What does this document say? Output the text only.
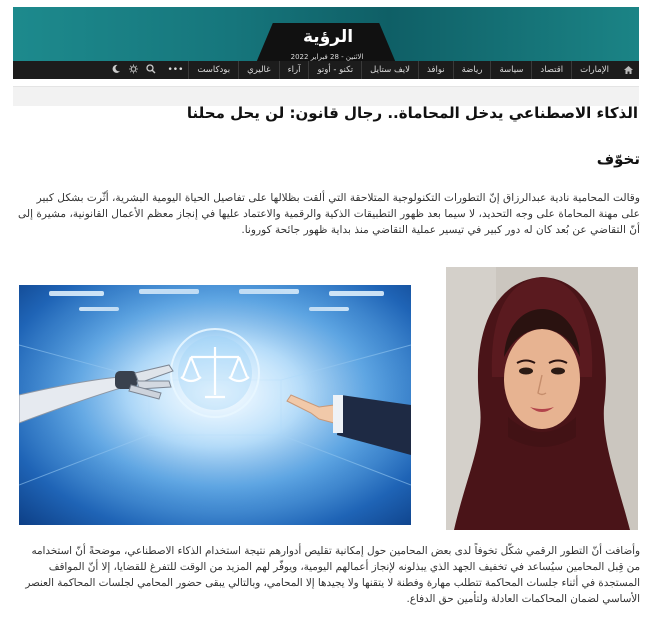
الرؤية
الاثنين - 28 فبراير 2022
الإمارات
اقتصاد
سياسة
رياضة
نوافذ
لايف ستايل
تكنو - أوتو
آراء
غاليري
بودكاست
•••
الذكاء الاصطناعي يدخل المحاماة.. رجال قانون: لن يحل محلنا
تخوّف

وقالت المحامية نادية عبدالرزاق إنّ التطورات التكنولوجية المتلاحقة التي ألقت بظلالها على تفاصيل الحياة اليومية البشرية، أثّرت بشكل كبير على مهنة المحاماة على وجه التحديد، لا سيما بعد ظهور التطبيقات الذكية والرقمية والاعتماد عليها في إنجاز معظم الأعمال القانونية، مشيرة إلى أنّ التقاضي عن بُعد كان له دور كبير في تيسير عملية التقاضي منذ بداية ظهور جائحة كورونا.

وأضافت أنّ التطور الرقمي شكّل تخوفاً لدى بعض المحامين حول إمكانية تقليص أدوارهم نتيجة استخدام الذكاء الاصطناعي، موضحةً أنّ استخدامه من قِبل المحامين سيُساعد في تخفيف الجهد الذي يبذلونه لإنجاز أعمالهم اليومية، ويوفّر لهم المزيد من الوقت للتفرغ للقضايا، إلا أنّ المواقف المستجدة في أثناء جلسات المحاكمة تتطلب مهارة وفطنة لا يتقنها ولا يجيدها إلا المحامي، وبالتالي يبقى حضور المحامي لجلسات المحاكمة العنصر الأساسي لضمان المحاكمات العادلة ولتأمين حق الدفاع.
